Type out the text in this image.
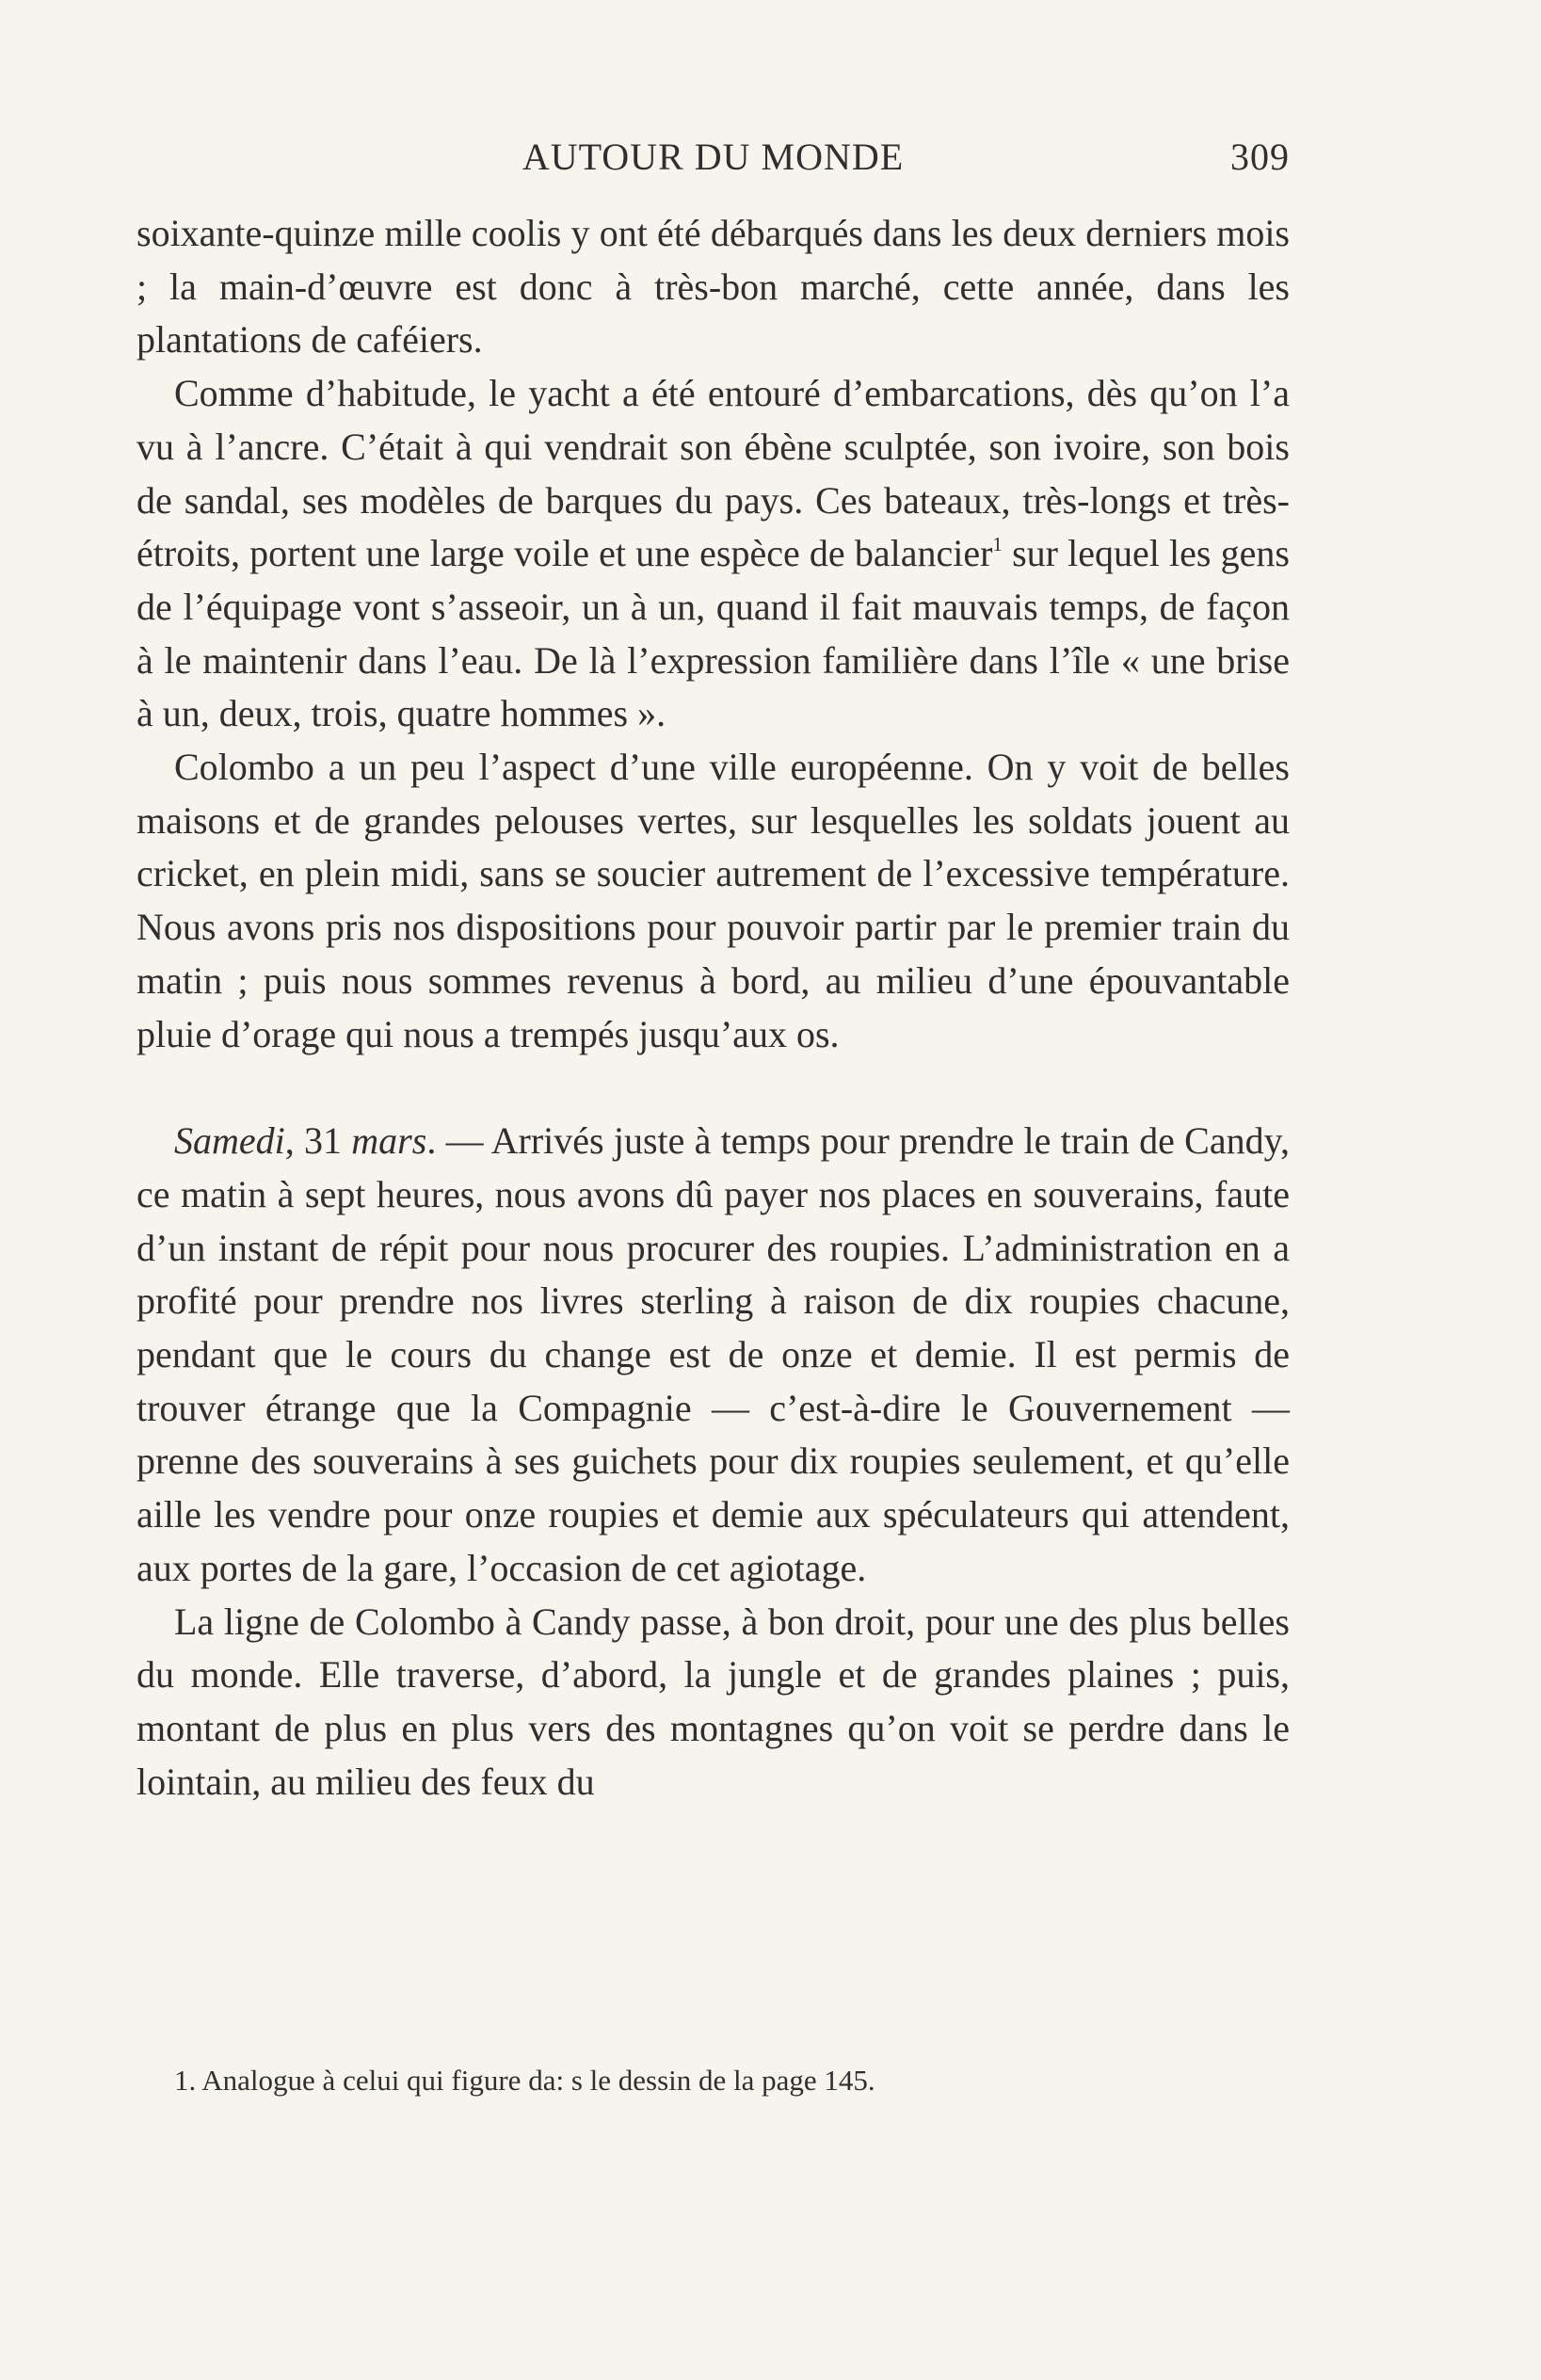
AUTOUR DU MONDE	309

soixante-quinze mille coolis y ont été débarqués dans les deux derniers mois ; la main-d’œuvre est donc à très-bon marché, cette année, dans les plantations de caféiers.

Comme d’habitude, le yacht a été entouré d’embarcations, dès qu’on l’a vu à l’ancre. C’était à qui vendrait son ébène sculptée, son ivoire, son bois de sandal, ses modèles de barques du pays. Ces bateaux, très-longs et très-étroits, portent une large voile et une espèce de balancier$^1$ sur lequel les gens de l’équipage vont s’asseoir, un à un, quand il fait mauvais temps, de façon à le maintenir dans l’eau. De là l’expression familière dans l’île « une brise à un, deux, trois, quatre hommes ».

Colombo a un peu l’aspect d’une ville européenne. On y voit de belles maisons et de grandes pelouses vertes, sur lesquelles les soldats jouent au cricket, en plein midi, sans se soucier autrement de l’excessive température. Nous avons pris nos dispositions pour pouvoir partir par le premier train du matin ; puis nous sommes revenus à bord, au milieu d’une épouvantable pluie d’orage qui nous a trempés jusqu’aux os.

Samedi, 31 mars. — Arrivés juste à temps pour prendre le train de Candy, ce matin à sept heures, nous avons dû payer nos places en souverains, faute d’un instant de répit pour nous procurer des roupies. L’administration en a profité pour prendre nos livres sterling à raison de dix roupies chacune, pendant que le cours du change est de onze et demie. Il est permis de trouver étrange que la Compagnie — c’est-à-dire le Gouvernement — prenne des souverains à ses guichets pour dix roupies seulement, et qu’elle aille les vendre pour onze roupies et demie aux spéculateurs qui attendent, aux portes de la gare, l’occasion de cet agiotage.

La ligne de Colombo à Candy passe, à bon droit, pour une des plus belles du monde. Elle traverse, d’abord, la jungle et de grandes plaines ; puis, montant de plus en plus vers des montagnes qu’on voit se perdre dans le lointain, au milieu des feux du

1. Analogue à celui qui figure da: s le dessin de la page 145.
